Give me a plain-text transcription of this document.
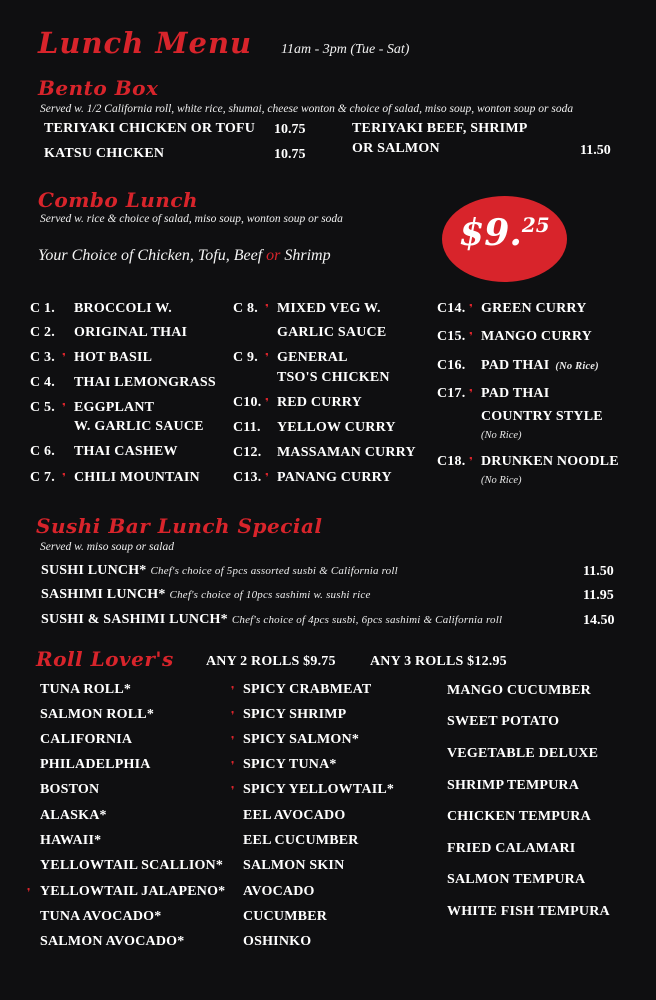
Lunch Menu 11am - 3pm (Tue - Sat)
Bento Box
Served w. 1/2 California roll, white rice, shumai, cheese wonton & choice of salad, miso soup, wonton soup or soda
TERIYAKI CHICKEN OR TOFU 10.75
KATSU CHICKEN	10.75
TERIYAKI BEEF, SHRIMP
OR SALMON	11.50
Combo Lunch
Served w. rice & choice of salad, miso soup, wonton soup or soda
Your Choice of Chicken, Tofu, Beef or Shrimp
$9.25
C 1. BROCCOLI W.
C 2. ORIGINAL THAI
C 3. ❜ HOT BASIL
C 4. THAI LEMONGRASS
C 5. ❜ EGGPLANT
W. GARLIC SAUCE
C 6. THAI CASHEW
C 7. ❜ CHILI MOUNTAIN
C 8. ❜ MIXED VEG W.
GARLIC SAUCE
C 9. ❜ GENERAL
TSO'S CHICKEN
C10. ❜ RED CURRY
C11. YELLOW CURRY
C12. MASSAMAN CURRY
C13. ❜ PANANG CURRY
C14. ❜ GREEN CURRY
C15. ❜ MANGO CURRY
C16. PAD THAI (No Rice)
C17. ❜ PAD THAI
COUNTRY STYLE
(No Rice)
C18. ❜ DRUNKEN NOODLE
(No Rice)
Sushi Bar Lunch Special
Served w. miso soup or salad
SUSHI LUNCH* Chef's choice of 5pcs assorted susbi & California roll	11.50
SASHIMI LUNCH* Chef's choice of 10pcs sashimi w. sushi rice	11.95
SUSHI & SASHIMI LUNCH* Chef's choice of 4pcs susbi, 6pcs sashimi & California roll	14.50
Roll Lover's ANY 2 ROLLS $9.75 ANY 3 ROLLS $12.95
TUNA ROLL*
SALMON ROLL*
CALIFORNIA
PHILADELPHIA
BOSTON
ALASKA*
HAWAII*
YELLOWTAIL SCALLION*
❜ YELLOWTAIL JALAPENO*
TUNA AVOCADO*
SALMON AVOCADO*
❜ SPICY CRABMEAT
❜ SPICY SHRIMP
❜ SPICY SALMON*
❜ SPICY TUNA*
❜ SPICY YELLOWTAIL*
EEL AVOCADO
EEL CUCUMBER
SALMON SKIN
AVOCADO
CUCUMBER
OSHINKO
MANGO CUCUMBER
SWEET POTATO
VEGETABLE DELUXE
SHRIMP TEMPURA
CHICKEN TEMPURA
FRIED CALAMARI
SALMON TEMPURA
WHITE FISH TEMPURA
